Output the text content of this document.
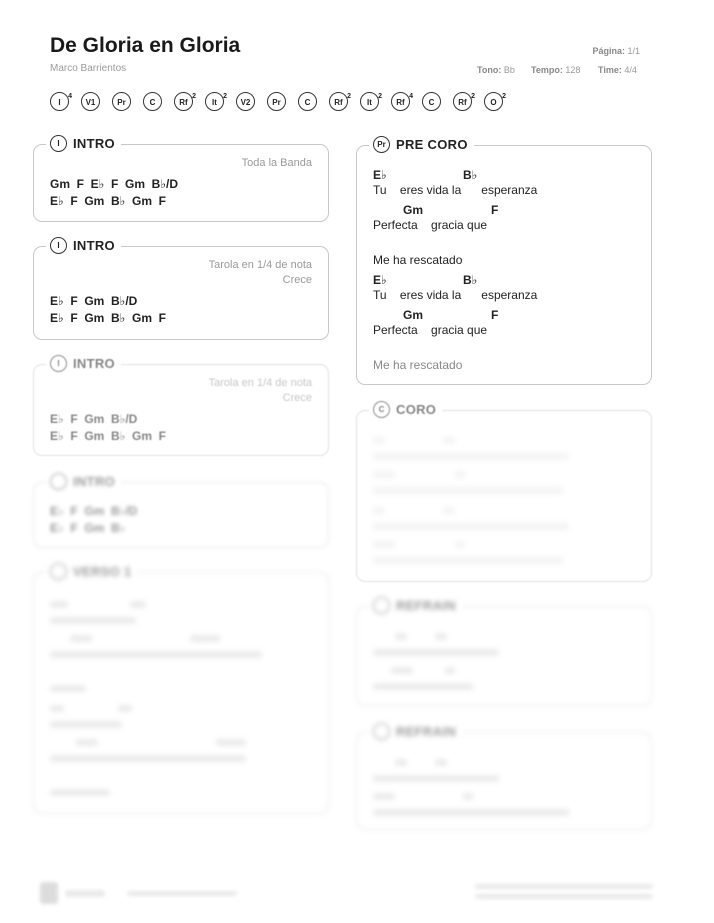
De Gloria en Gloria
Marco Barrientos
Página: 1/1
Tono: Bb Tempo: 128 Time: 4/4
I
4
V1	Pr	C	Rf
2
It
2
V2	Pr	C	Rf
2
It
2
Rf
4
C	Rf
2
O
2
I	INTRO
Toda la Banda
Gm  F  E♭  F  Gm  B♭/D
E♭  F  Gm  B♭  Gm  F
I	INTRO
Tarola en 1/4 de nota
Crece
E♭  F  Gm  B♭/D
E♭  F  Gm  B♭  Gm  F
I	INTRO
Tarola en 1/4 de nota
Crece
E♭  F  Gm  B♭/D
E♭  F  Gm  B♭  Gm  F
INTRO
E♭  F  Gm  B♭/D
E♭  F  Gm  B♭
VERSO 1
Pr PRE CORO
E♭	B♭
Tu    eres vida la      esperanza
Gm	F
Perfecta    gracia que
Me ha rescatado
E♭	B♭
Tu    eres vida la      esperanza
Gm	F
Perfecta    gracia que
Me ha rescatado
C CORO
REFRAIN
REFRAIN
